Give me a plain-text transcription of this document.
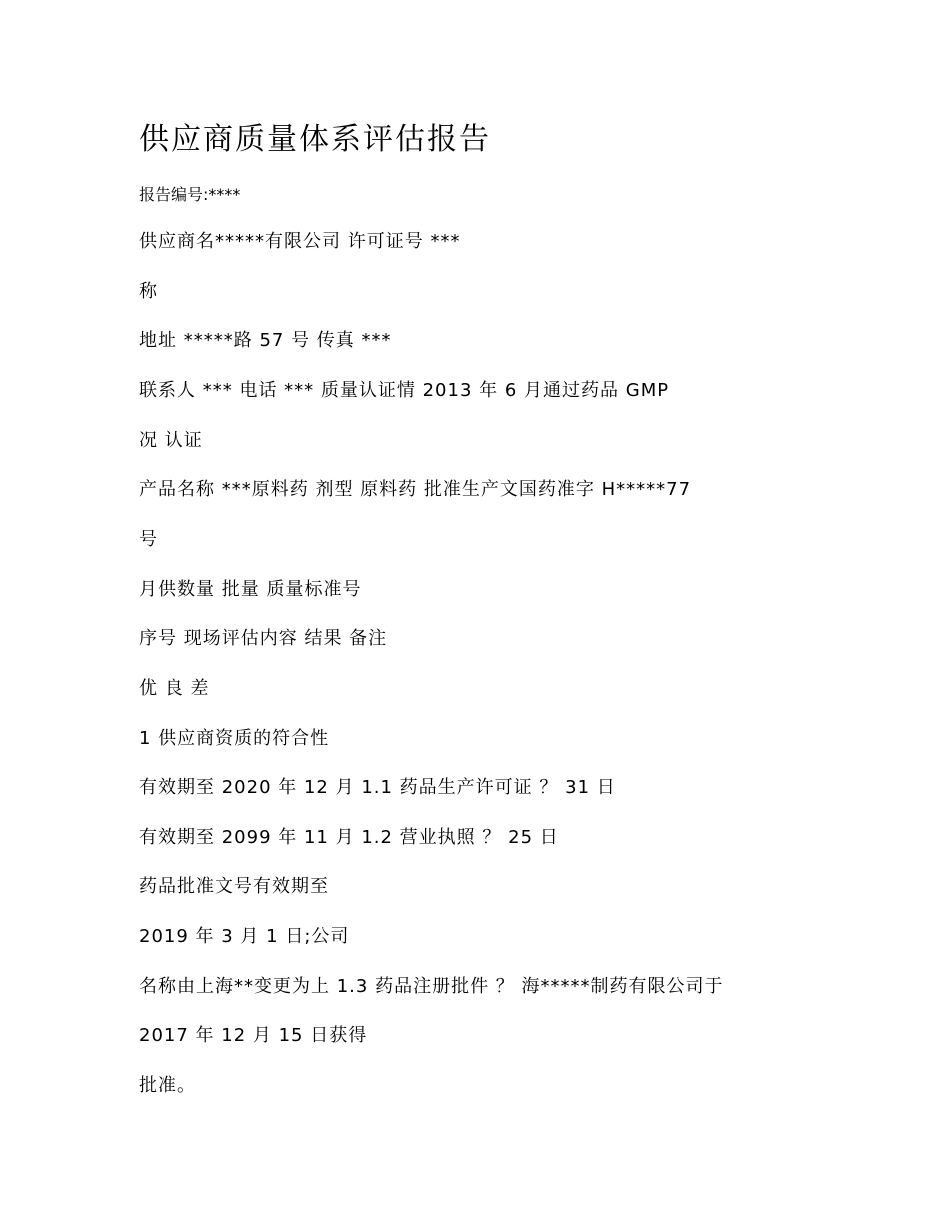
供应商质量体系评估报告
报告编号:****
供应商名*****有限公司 许可证号 ***
称
地址 *****路 57 号 传真 ***
联系人 *** 电话 *** 质量认证情 2013 年 6 月通过药品 GMP
况 认证
产品名称 ***原料药 剂型 原料药 批准生产文国药准字 H*****77
号
月供数量 批量 质量标准号
序号 现场评估内容 结果 备注
优 良 差
1 供应商资质的符合性
有效期至 2020 年 12 月 1.1 药品生产许可证 ？ 31 日
有效期至 2099 年 11 月 1.2 营业执照 ？ 25 日
药品批准文号有效期至
2019 年 3 月 1 日;公司
名称由上海**变更为上 1.3 药品注册批件 ？ 海*****制药有限公司于
2017 年 12 月 15 日获得
批准。
